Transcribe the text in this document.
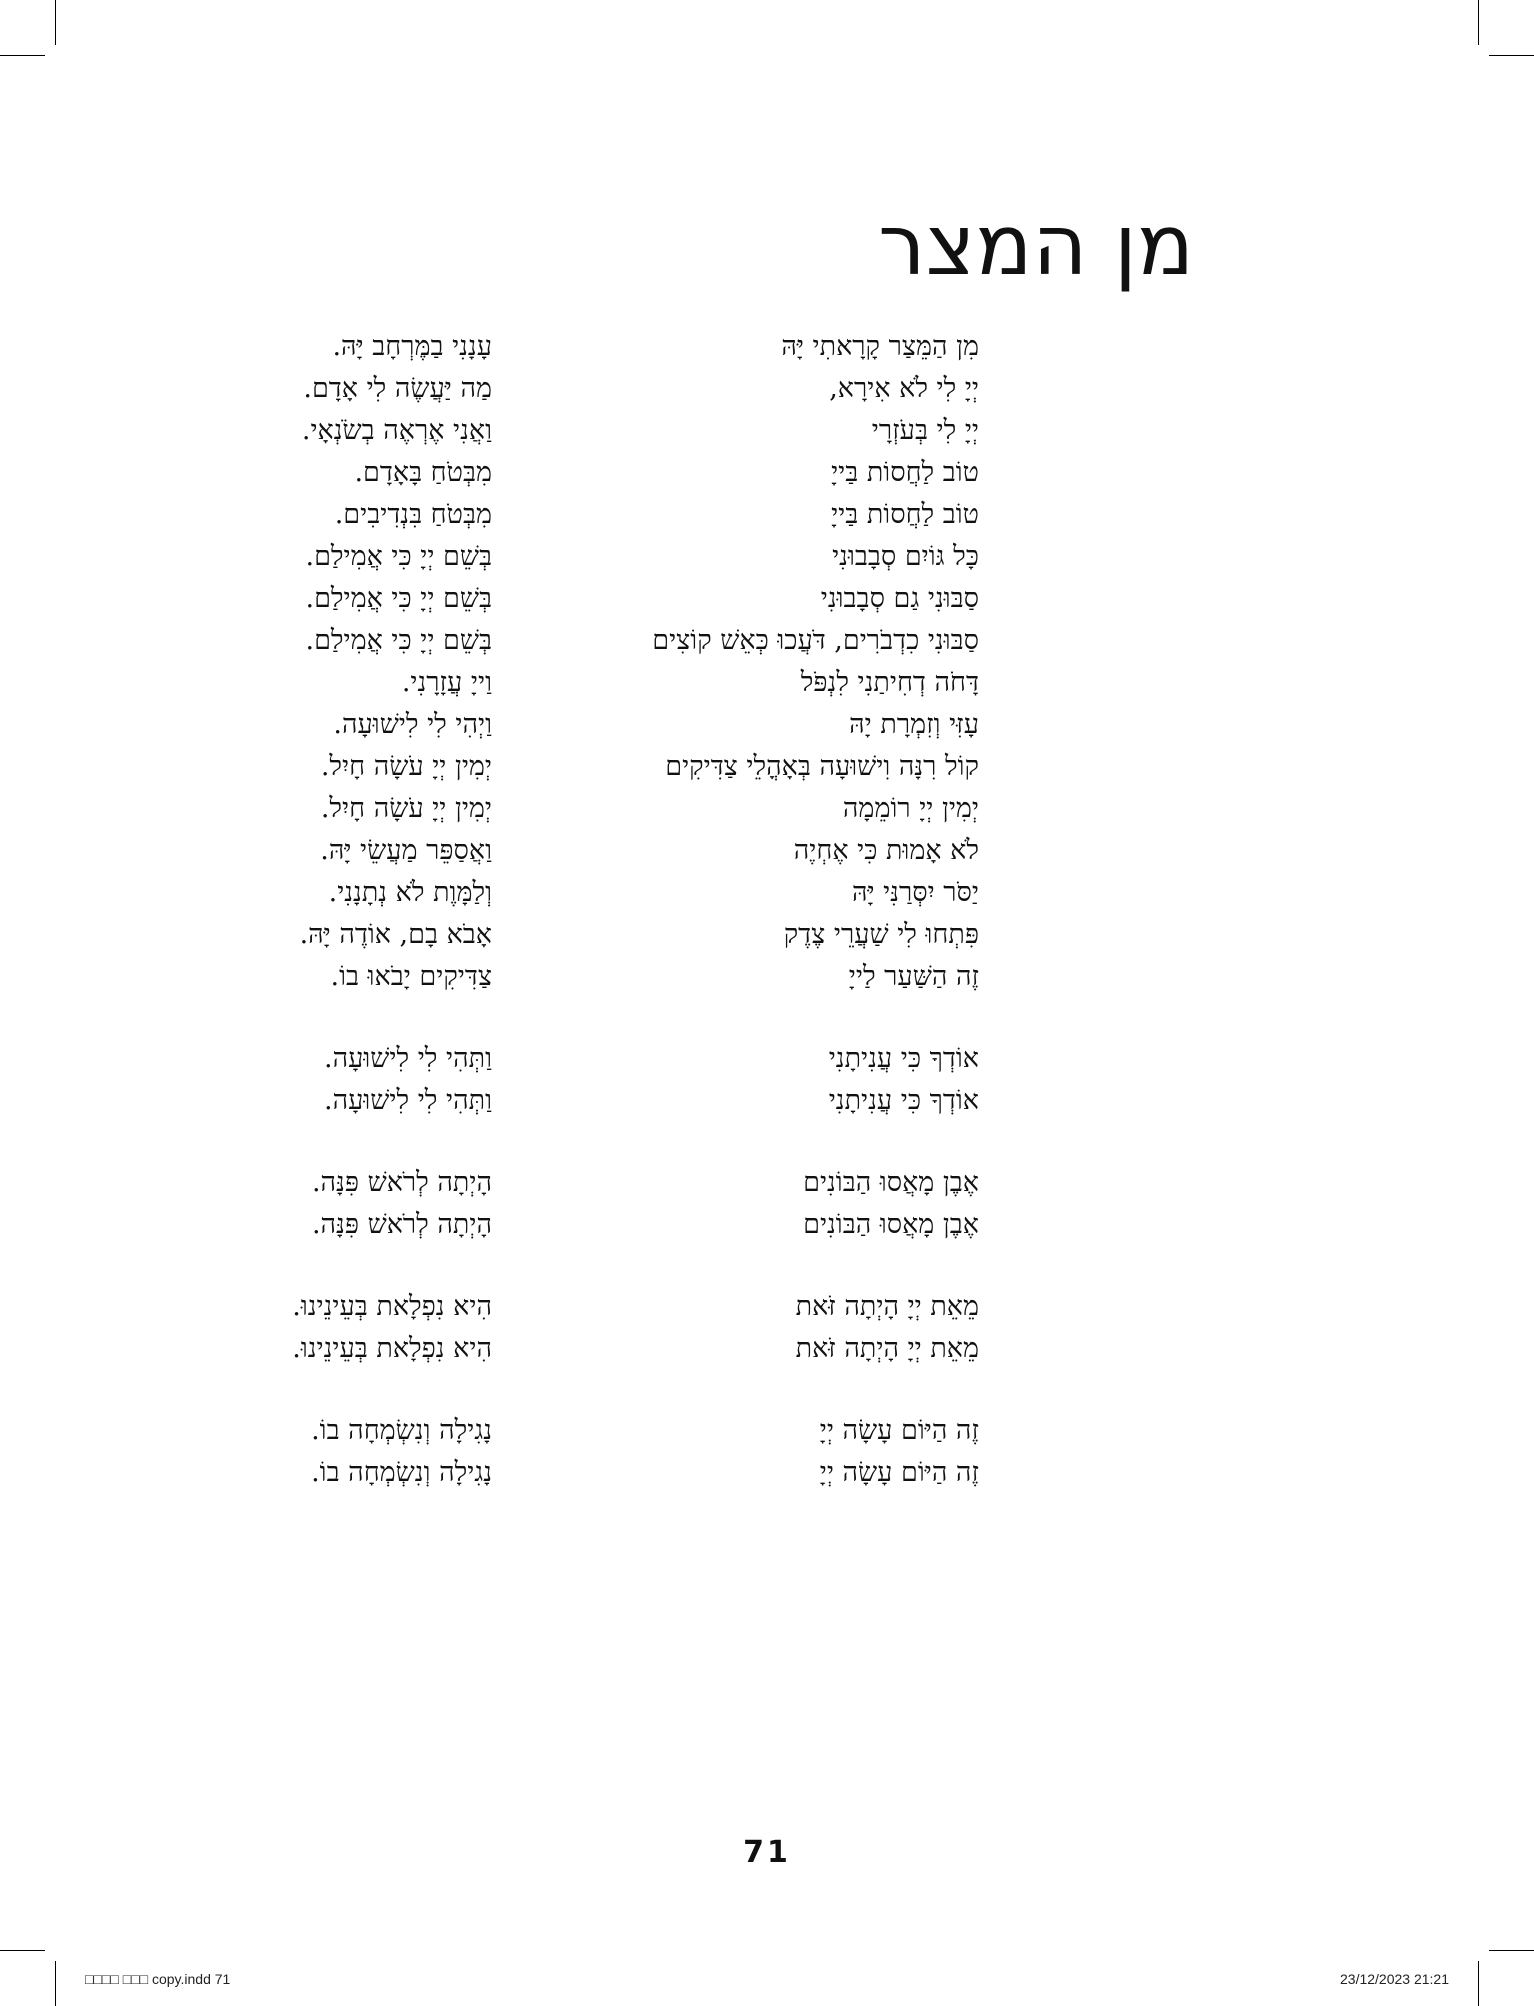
מן המצר
מִן הַמֵּצַר קָרָאתִי יָּהּ
יְיָ לִי לֹא אִירָא,
יְיָ לִי בְּעֹזְרָי
טוֹב לַחֲסוֹת בַּייָ
טוֹב לַחֲסוֹת בַּייָ
כָּל גּוֹיִם סְבָבוּנִי
סַבּוּנִי גַם סְבָבוּנִי
סַבּוּנִי כִדְבֹרִים, דֹּעֲכוּ כְּאֵשׁ קוֹצִים
דָּחֹה דְחִיתַנִי לִנְפֹּל
עָזִּי וְזִמְרָת יָהּ
קוֹל רִנָּה וִישׁוּעָה בְּאָהֳלֵי צַדִּיקִים
יְמִין יְיָ רוֹמֵמָה
לֹא אָמוּת כִּי אֶחְיֶה
יַסֹּר יִסְּרַנִּי יָּהּ
פִּתְחוּ לִי שַׁעֲרֵי צֶדֶק
זֶה הַשַּׁעַר לַייָ
אוֹדְךָ כִּי עֲנִיתָנִי
אוֹדְךָ כִּי עֲנִיתָנִי
אֶבֶן מָאֲסוּ הַבּוֹנִים
אֶבֶן מָאֲסוּ הַבּוֹנִים
מֵאֵת יְיָ הָיְתָה זֹּאת
מֵאֵת יְיָ הָיְתָה זֹּאת
זֶה הַיּוֹם עָשָׂה יְיָ
זֶה הַיּוֹם עָשָׂה יְיָ
עָנָנִי בַמֶּרְחָב יָּהּ.
מַה יַּעֲשֶׂה לִי אָדָם.
וַאֲנִי אֶרְאֶה בְשֹׂנְאָי.
מִבְּטֹחַ בָּאָדָם.
מִבְּטֹחַ בִּנְדִיבִים.
בְּשֵׁם יְיָ כִּי אֲמִילַם.
בְּשֵׁם יְיָ כִּי אֲמִילַם.
בְּשֵׁם יְיָ כִּי אֲמִילַם.
וַייָ עֲזָרָנִי.
וַיְהִי לִי לִישׁוּעָה.
יְמִין יְיָ עֹשָׂה חָיִל.
יְמִין יְיָ עֹשָׂה חָיִל.
וַאֲסַפֵּר מַעֲשֵׂי יָּהּ.
וְלַמָּוֶת לֹא נְתָנָנִי.
אָבֹא בָם, אוֹדֶה יָּהּ.
צַדִּיקִים יָבֹאוּ בוֹ.
וַתְּהִי לִי לִישׁוּעָה.
וַתְּהִי לִי לִישׁוּעָה.
הָיְתָה לְרֹאשׁ פִּנָּה.
הָיְתָה לְרֹאשׁ פִּנָּה.
הִיא נִפְלָאת בְּעֵינֵינוּ.
הִיא נִפְלָאת בְּעֵינֵינוּ.
נָגִילָה וְנִשְׂמְחָה בוֹ.
נָגִילָה וְנִשְׂמְחָה בוֹ.
71
□□□□ □□□ copy.indd 71	23/12/2023 21:21
